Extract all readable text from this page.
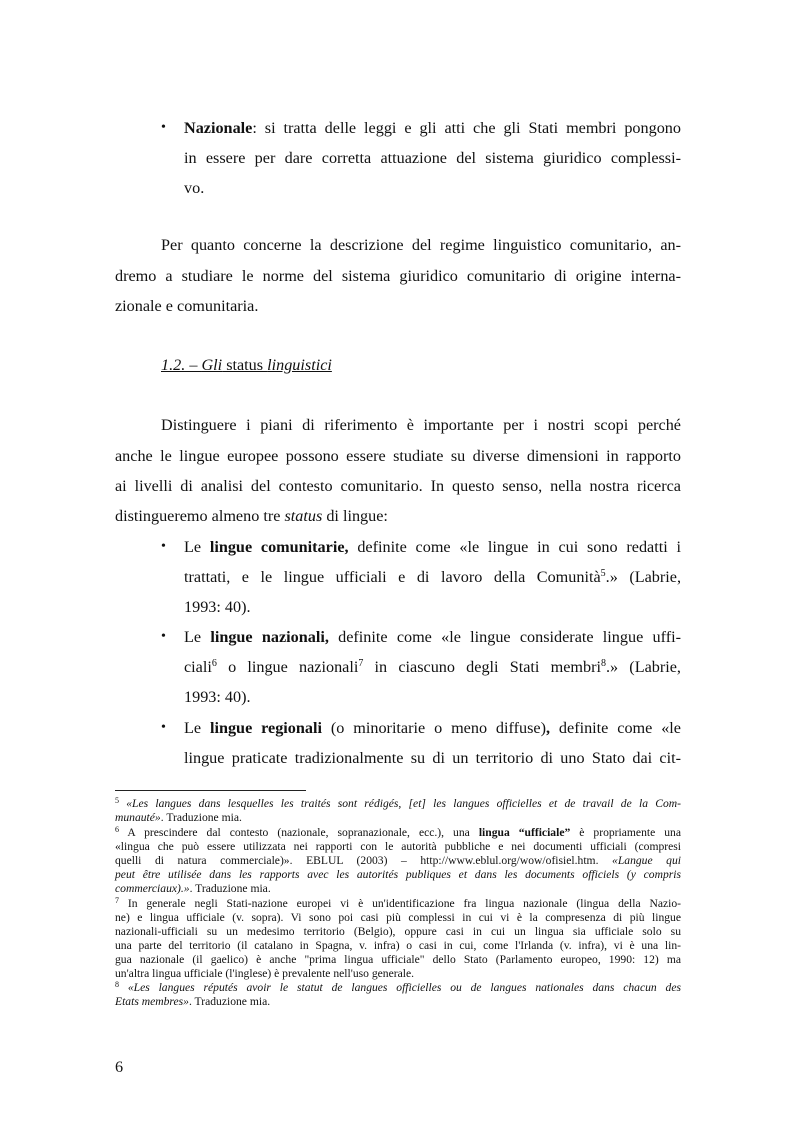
• Nazionale: si tratta delle leggi e gli atti che gli Stati membri pongono
in essere per dare corretta attuazione del sistema giuridico complessi-
vo.
Per quanto concerne la descrizione del regime linguistico comunitario, an-
dremo a studiare le norme del sistema giuridico comunitario di origine interna-
zionale e comunitaria.
1.2. – Gli status linguistici
Distinguere i piani di riferimento è importante per i nostri scopi perché
anche le lingue europee possono essere studiate su diverse dimensioni in rapporto
ai livelli di analisi del contesto comunitario. In questo senso, nella nostra ricerca
distingueremo almeno tre status di lingue:
• Le lingue comunitarie, definite come «le lingue in cui sono redatti i
trattati, e le lingue ufficiali e di lavoro della Comunità$^5$.» (Labrie,
1993: 40).
• Le lingue nazionali, definite come «le lingue considerate lingue uffi-
ciali$^6$ o lingue nazionali$^7$ in ciascuno degli Stati membri$^8$.» (Labrie,
1993: 40).
• Le lingue regionali (o minoritarie o meno diffuse), definite come «le
lingue praticate tradizionalmente su di un territorio di uno Stato dai cit-
$^5$ «Les langues dans lesquelles les traités sont rédigés, [et] les langues officielles et de travail de la Com-
munauté». Traduzione mia.
$^6$ A prescindere dal contesto (nazionale, sopranazionale, ecc.), una lingua “ufficiale” è propriamente una
«lingua che può essere utilizzata nei rapporti con le autorità pubbliche e nei documenti ufficiali (compresi
quelli di natura commerciale)». EBLUL (2003) – http://www.eblul.org/wow/ofisiel.htm. «Langue qui
peut être utilisée dans les rapports avec les autorités publiques et dans les documents officiels (y compris
commerciaux).». Traduzione mia.
$^7$ In generale negli Stati-nazione europei vi è un'identificazione fra lingua nazionale (lingua della Nazio-
ne) e lingua ufficiale (v. sopra). Vi sono poi casi più complessi in cui vi è la compresenza di più lingue
nazionali-ufficiali su un medesimo territorio (Belgio), oppure casi in cui un lingua sia ufficiale solo su
una parte del territorio (il catalano in Spagna, v. infra) o casi in cui, come l'Irlanda (v. infra), vi è una lin-
gua nazionale (il gaelico) è anche "prima lingua ufficiale" dello Stato (Parlamento europeo, 1990: 12) ma
un'altra lingua ufficiale (l'inglese) è prevalente nell'uso generale.
$^8$ «Les langues réputés avoir le statut de langues officielles ou de langues nationales dans chacun des
Etats membres». Traduzione mia.
6
